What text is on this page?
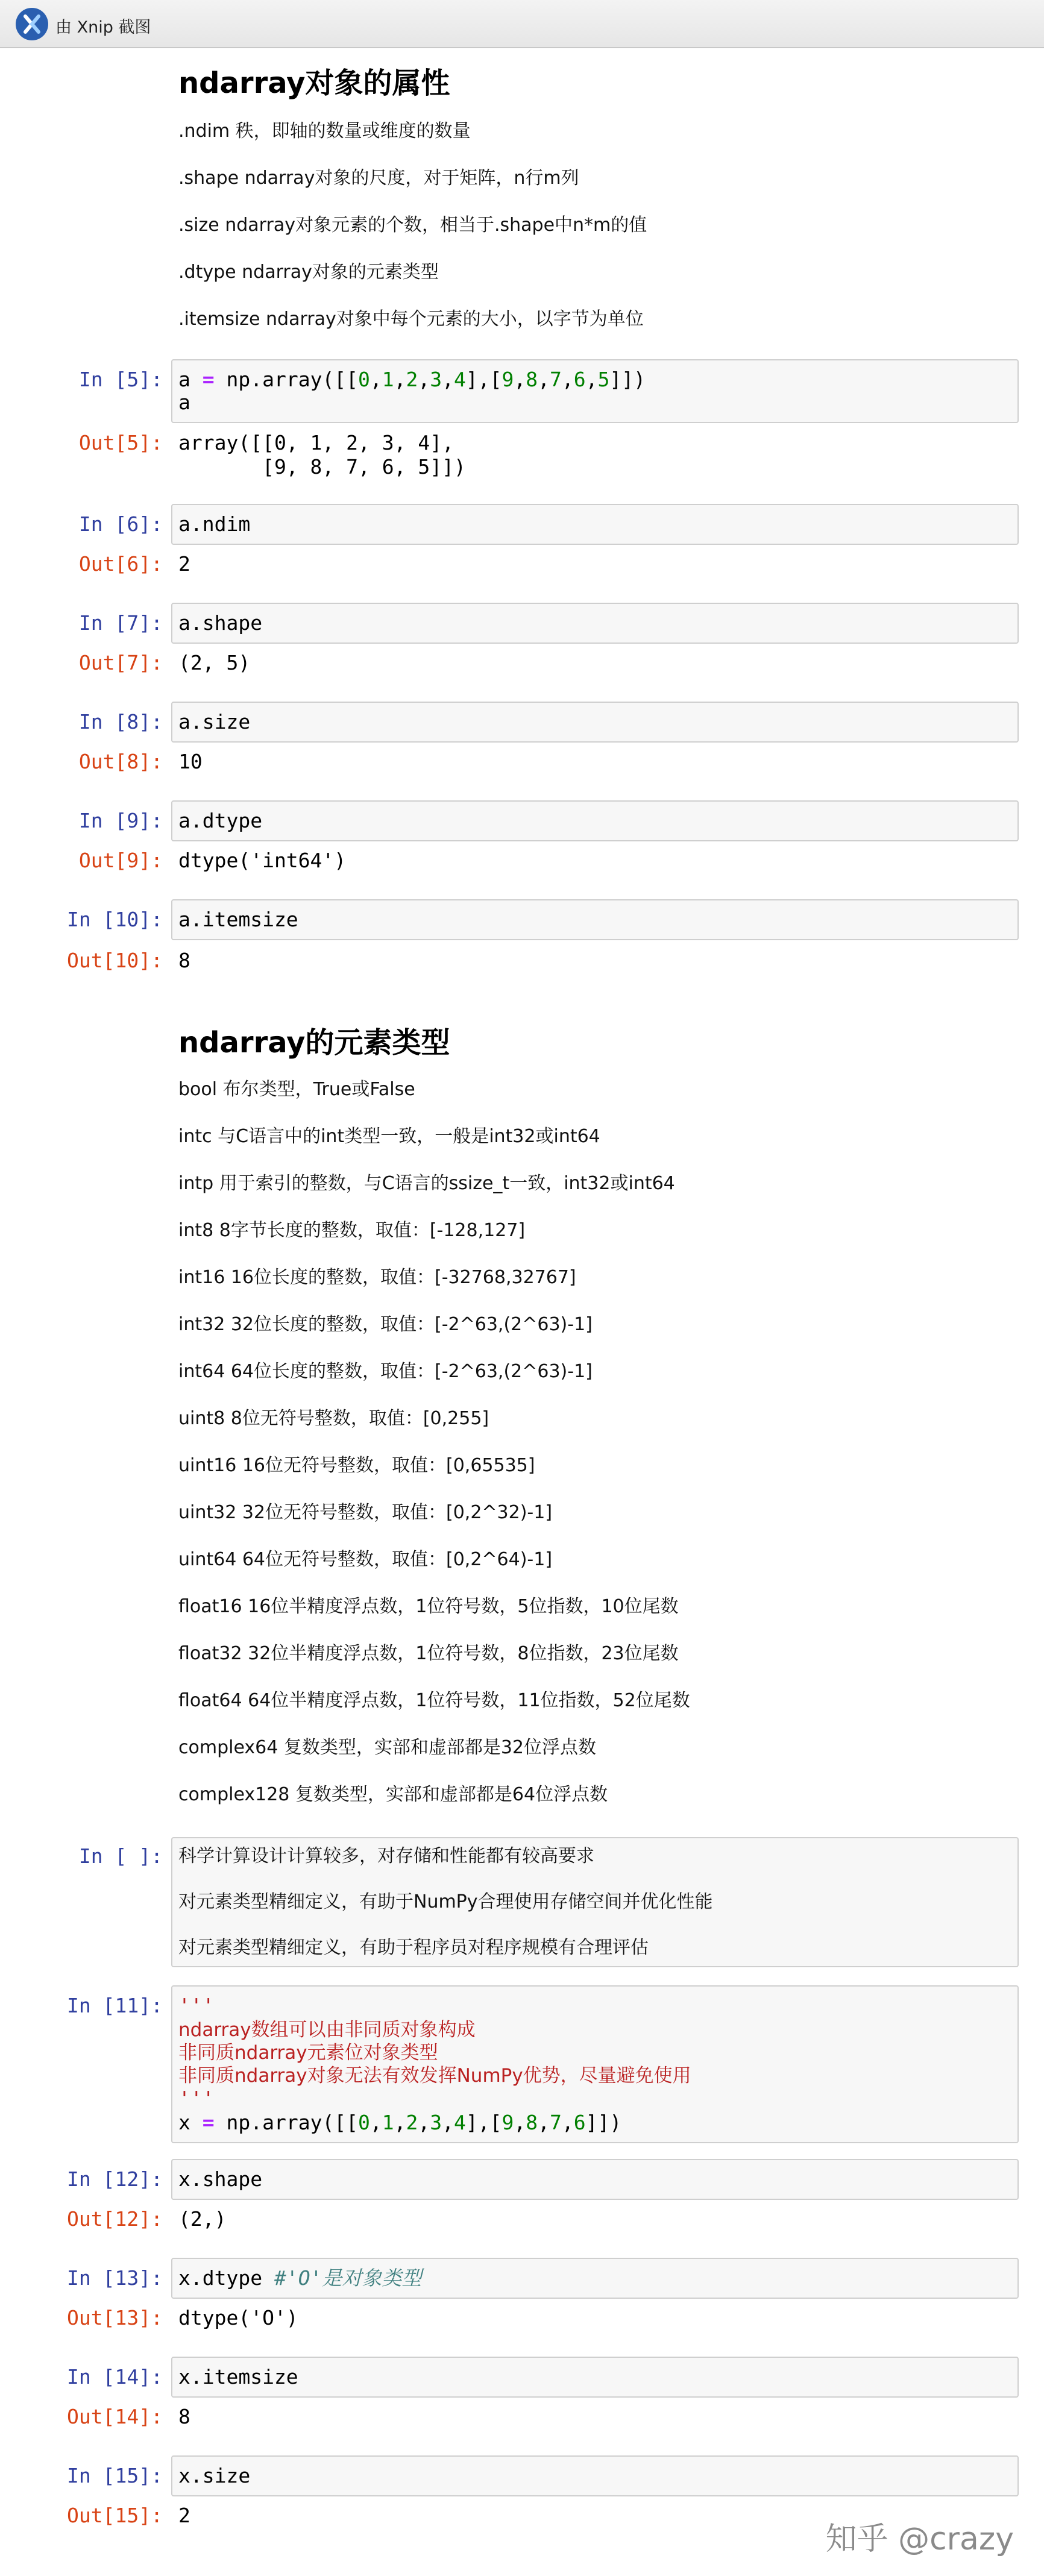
由 Xnip 截图
ndarray对象的属性
.ndim 秩，即轴的数量或维度的数量
.shape ndarray对象的尺度，对于矩阵，n行m列
.size ndarray对象元素的个数，相当于.shape中n*m的值
.dtype ndarray对象的元素类型
.itemsize ndarray对象中每个元素的大小，以字节为单位
In [5]: a = np.array([[0,1,2,3,4],[9,8,7,6,5]])
a
Out[5]: array([[0, 1, 2, 3, 4],
[9, 8, 7, 6, 5]])
In [6]: a.ndim
Out[6]: 2
In [7]: a.shape
Out[7]: (2, 5)
In [8]: a.size
Out[8]: 10
In [9]: a.dtype
Out[9]: dtype('int64')
In [10]: a.itemsize
Out[10]: 8
ndarray的元素类型
bool 布尔类型，True或False
intc 与C语言中的int类型一致，一般是int32或int64
intp 用于索引的整数，与C语言的ssize_t一致，int32或int64
int8 8字节长度的整数，取值：[-128,127]
int16 16位长度的整数，取值：[-32768,32767]
int32 32位长度的整数，取值：[-2^63,(2^63)-1]
int64 64位长度的整数，取值：[-2^63,(2^63)-1]
uint8 8位无符号整数，取值：[0,255]
uint16 16位无符号整数，取值：[0,65535]
uint32 32位无符号整数，取值：[0,2^32)-1]
uint64 64位无符号整数，取值：[0,2^64)-1]
float16 16位半精度浮点数，1位符号数，5位指数，10位尾数
float32 32位半精度浮点数，1位符号数，8位指数，23位尾数
float64 64位半精度浮点数，1位符号数，11位指数，52位尾数
complex64 复数类型，实部和虚部都是32位浮点数
complex128 复数类型，实部和虚部都是64位浮点数
In [ ]: 科学计算设计计算较多，对存储和性能都有较高要求
对元素类型精细定义，有助于NumPy合理使用存储空间并优化性能
对元素类型精细定义，有助于程序员对程序规模有合理评估
In [11]: '''
ndarray数组可以由非同质对象构成
非同质ndarray元素位对象类型
非同质ndarray对象无法有效发挥NumPy优势，尽量避免使用
'''
x = np.array([[0,1,2,3,4],[9,8,7,6]])
In [12]: x.shape
Out[12]: (2,)
In [13]: x.dtype #'O'是对象类型
Out[13]: dtype('O')
In [14]: x.itemsize
Out[14]: 8
In [15]: x.size
Out[15]: 2
知乎 @crazy
